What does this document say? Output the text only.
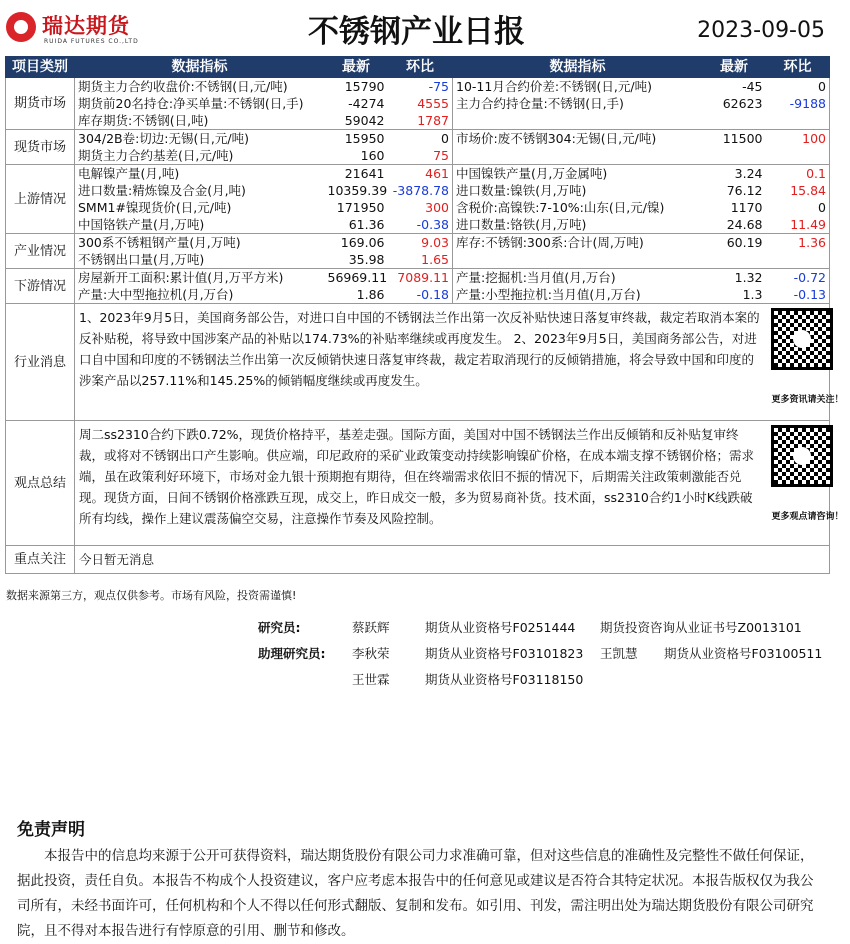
瑞达期货
RUIDA FUTURES CO.,LTD	不锈钢产业日报	2023-09-05
项目类别	数据指标	最新	环比	数据指标	最新	环比
期货市场	期货主力合约收盘价:不锈钢(日,元/吨)	15790	-75	10-11月合约价差:不锈钢(日,元/吨)	-45	0
	期货前20名持仓:净买单量:不锈钢(日,手)	-4274	4555	主力合约持仓量:不锈钢(日,手)	62623	-9188
	库存期货:不锈钢(日,吨)	59042	1787			
现货市场	304/2B卷:切边:无锡(日,元/吨)	15950	0	市场价:废不锈钢304:无锡(日,元/吨)	11500	100
	期货主力合约基差(日,元/吨)	160	75			
上游情况	电解镍产量(月,吨)	21641	461	中国镍铁产量(月,万金属吨)	3.24	0.1
	进口数量:精炼镍及合金(月,吨)	10359.39	-3878.78	进口数量:镍铁(月,万吨)	76.12	15.84
	SMM1#镍现货价(日,元/吨)	171950	300	含税价:高镍铁:7-10%:山东(日,元/镍)	1170	0
	中国铬铁产量(月,万吨)	61.36	-0.38	进口数量:铬铁(月,万吨)	24.68	11.49
产业情况	300系不锈粗钢产量(月,万吨)	169.06	9.03	库存:不锈钢:300系:合计(周,万吨)	60.19	1.36
	不锈钢出口量(月,万吨)	35.98	1.65			
下游情况	房屋新开工面积:累计值(月,万平方米)	56969.11	7089.11	产量:挖掘机:当月值(月,万台)	1.32	-0.72
	产量:大中型拖拉机(月,万台)	1.86	-0.18	产量:小型拖拉机:当月值(月,万台)	1.3	-0.13
行业消息	1、2023年9月5日，美国商务部公告，对进口自中国的不锈钢法兰作出第一次反补贴快速日落复审终裁，裁定若取消本案的反补贴税，将导致中国涉案产品的补贴以174.73%的补贴率继续或再度发生。 2、2023年9月5日，美国商务部公告，对进口自中国和印度的不锈钢法兰作出第一次反倾销快速日落复审终裁，裁定若取消现行的反倾销措施，将会导致中国和印度的涉案产品以257.11%和145.25%的倾销幅度继续或再度发生。					更多资讯请关注！

观点总结	周二ss2310合约下跌0.72%，现货价格持平，基差走强。国际方面，美国对中国不锈钢法兰作出反倾销和反补贴复审终裁，或将对不锈钢出口产生影响。供应端，印尼政府的采矿业政策变动持续影响镍矿价格，在成本端支撑不锈钢价格；需求端，虽在政策利好环境下，市场对金九银十预期抱有期待，但在终端需求依旧不振的情况下，后期需关注政策刺激能否兑现。现货方面，日间不锈钢价格涨跌互现，成交上，昨日成交一般，多为贸易商补货。技术面，ss2310合约1小时K线跌破所有均线，操作上建议震荡偏空交易，注意操作节奏及风险控制。					更多观点请咨询！

重点关注	今日暂无消息					
数据来源第三方，观点仅供参考。市场有风险，投资需谨慎!
研究员:	蔡跃辉	期货从业资格号F0251444 期货投资咨询从业证书号Z0013101
助理研究员: 李秋荣	期货从业资格号F03101823 王凯慧 期货从业资格号F03100511
王世霖	期货从业资格号F03118150
免责声明
本报告中的信息均来源于公开可获得资料，瑞达期货股份有限公司力求准确可靠，但对这些信息的准确性及完整性不做任何保证，据此投资，责任自负。本报告不构成个人投资建议，客户应考虑本报告中的任何意见或建议是否符合其特定状况。本报告版权仅为我公司所有，未经书面许可，任何机构和个人不得以任何形式翻版、复制和发布。如引用、刊发，需注明出处为瑞达期货股份有限公司研究院，且不得对本报告进行有悖原意的引用、删节和修改。
